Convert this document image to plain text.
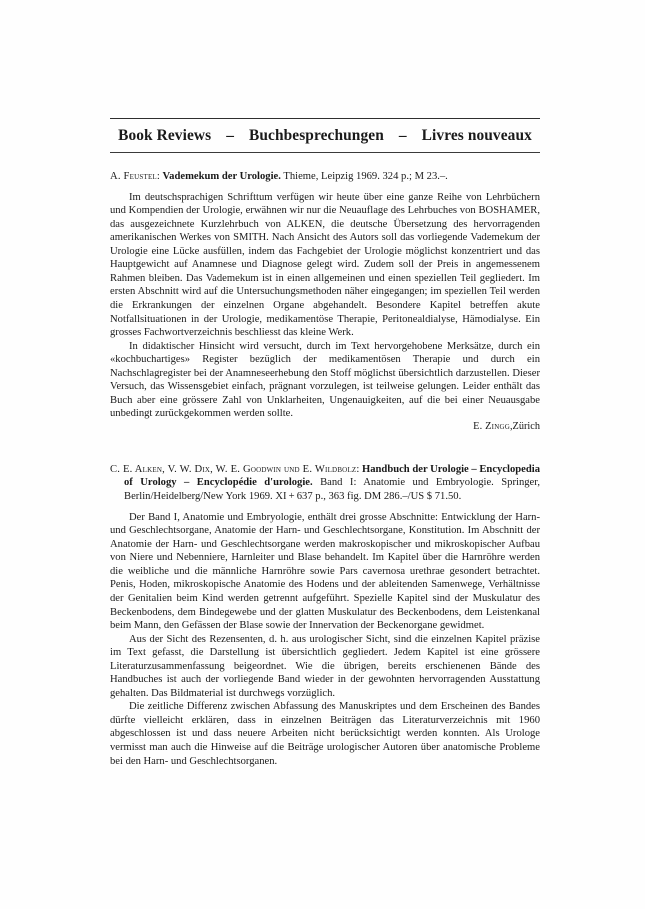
Book Reviews – Buchbesprechungen – Livres nouveaux
A. Feustel: Vademekum der Urologie. Thieme, Leipzig 1969. 324 p.; M 23.–.

Im deutschsprachigen Schrifttum verfügen wir heute über eine ganze Reihe von Lehrbüchern und Kompendien der Urologie, erwähnen wir nur die Neuauflage des Lehrbuches von BOSHAMER, das ausgezeichnete Kurzlehrbuch von ALKEN, die deutsche Übersetzung des hervorragenden amerikanischen Werkes von SMITH. Nach Ansicht des Autors soll das vorliegende Vademekum der Urologie eine Lücke ausfüllen, indem das Fachgebiet der Urologie möglichst konzentriert und das Hauptgewicht auf Anamnese und Diagnose gelegt wird. Zudem soll der Preis in angemessenem Rahmen bleiben. Das Vademekum ist in einen allgemeinen und einen speziellen Teil gegliedert. Im ersten Abschnitt wird auf die Untersuchungsmethoden näher eingegangen; im speziellen Teil werden die Erkrankungen der einzelnen Organe abgehandelt. Besondere Kapitel betreffen akute Notfallsituationen in der Urologie, medikamentöse Therapie, Peritonealdialyse, Hämodialyse. Ein grosses Fachwortverzeichnis beschliesst das kleine Werk.

In didaktischer Hinsicht wird versucht, durch im Text hervorgehobene Merksätze, durch ein «kochbuchartiges» Register bezüglich der medikamentösen Therapie und durch ein Nachschlagregister bei der Anamneseerhebung den Stoff möglichst übersichtlich darzustellen. Dieser Versuch, das Wissensgebiet einfach, prägnant vorzulegen, ist teilweise gelungen. Leider enthält das Buch aber eine grössere Zahl von Unklarheiten, Ungenauigkeiten, auf die bei einer Neuausgabe unbedingt zurückgekommen werden sollte.

E. Zingg , Zürich
C. E. Alken, V. W. Dix, W. E. Goodwin und E. Wildbolz: Handbuch der Urologie – Encyclopedia of Urology – Encyclopédie d'urologie. Band I: Anatomie und Embryologie. Springer, Berlin/Heidelberg/New York 1969. XI + 637 p., 363 fig. DM 286.–/US $ 71.50.

Der Band I, Anatomie und Embryologie, enthält drei grosse Abschnitte: Entwicklung der Harn- und Geschlechtsorgane, Anatomie der Harn- und Geschlechtsorgane, Konstitution. Im Abschnitt der Anatomie der Harn- und Geschlechtsorgane werden makroskopischer und mikroskopischer Aufbau von Niere und Nebenniere, Harnleiter und Blase behandelt. Im Kapitel über die Harnröhre werden die weibliche und die männliche Harnröhre sowie Pars cavernosa urethrae gesondert betrachtet. Penis, Hoden, mikroskopische Anatomie des Hodens und der ableitenden Samenwege, Verhältnisse der Genitalien beim Kind werden getrennt aufgeführt. Spezielle Kapitel sind der Muskulatur des Beckenbodens, dem Bindegewebe und der glatten Muskulatur des Beckenbodens, dem Leistenkanal beim Mann, den Gefässen der Blase sowie der Innervation der Beckenorgane gewidmet.

Aus der Sicht des Rezensenten, d. h. aus urologischer Sicht, sind die einzelnen Kapitel präzise im Text gefasst, die Darstellung ist übersichtlich gegliedert. Jedem Kapitel ist eine grössere Literaturzusammenfassung beigeordnet. Wie die übrigen, bereits erschienenen Bände des Handbuches ist auch der vorliegende Band wieder in der gewohnten hervorragenden Ausstattung gehalten. Das Bildmaterial ist durchwegs vorzüglich.

Die zeitliche Differenz zwischen Abfassung des Manuskriptes und dem Erscheinen des Bandes dürfte vielleicht erklären, dass in einzelnen Beiträgen das Literaturverzeichnis mit 1960 abgeschlossen ist und dass neuere Arbeiten nicht berücksichtigt werden konnten. Als Urologe vermisst man auch die Hinweise auf die Beiträge urologischer Autoren über anatomische Probleme bei den Harn- und Geschlechtsorganen.
